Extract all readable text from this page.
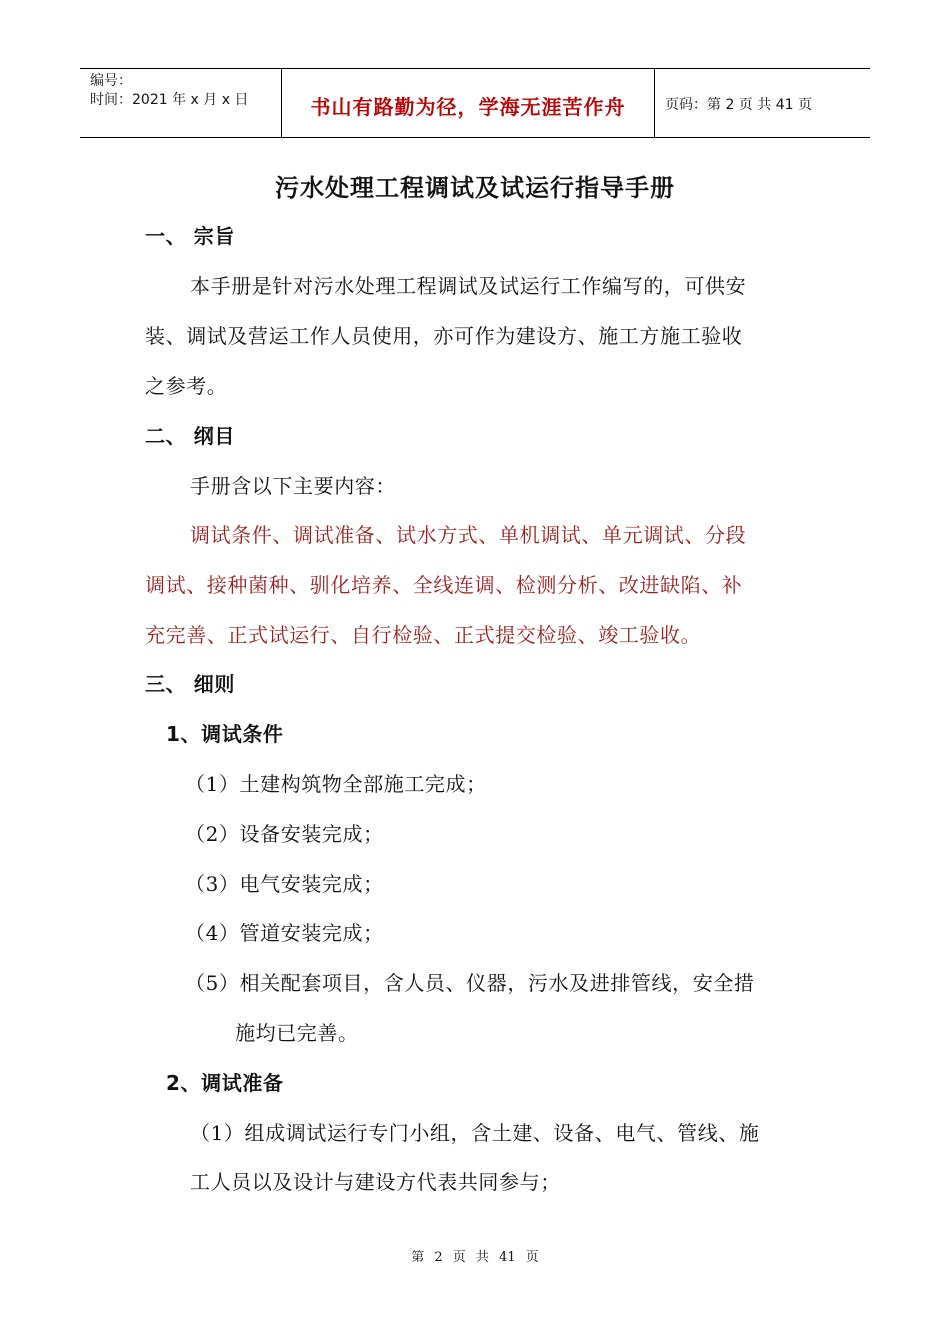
编号：
时间：2021 年 x 月 x 日	书山有路勤为径，学海无涯苦作舟	页码：第 2 页 共 41 页
污水处理工程调试及试运行指导手册
一、 宗旨
本手册是针对污水处理工程调试及试运行工作编写的，可供安
装、调试及营运工作人员使用，亦可作为建设方、施工方施工验收
之参考。
二、 纲目
手册含以下主要内容：
调试条件、调试准备、试水方式、单机调试、单元调试、分段
调试、接种菌种、驯化培养、全线连调、检测分析、改进缺陷、补
充完善、正式试运行、自行检验、正式提交检验、竣工验收。
三、 细则
1、调试条件
（1）土建构筑物全部施工完成；
（2）设备安装完成；
（3）电气安装完成；
（4）管道安装完成；
（5）相关配套项目，含人员、仪器，污水及进排管线，安全措
施均已完善。
2、调试准备
（1）组成调试运行专门小组，含土建、设备、电气、管线、施
工人员以及设计与建设方代表共同参与；
第 2 页 共 41 页
